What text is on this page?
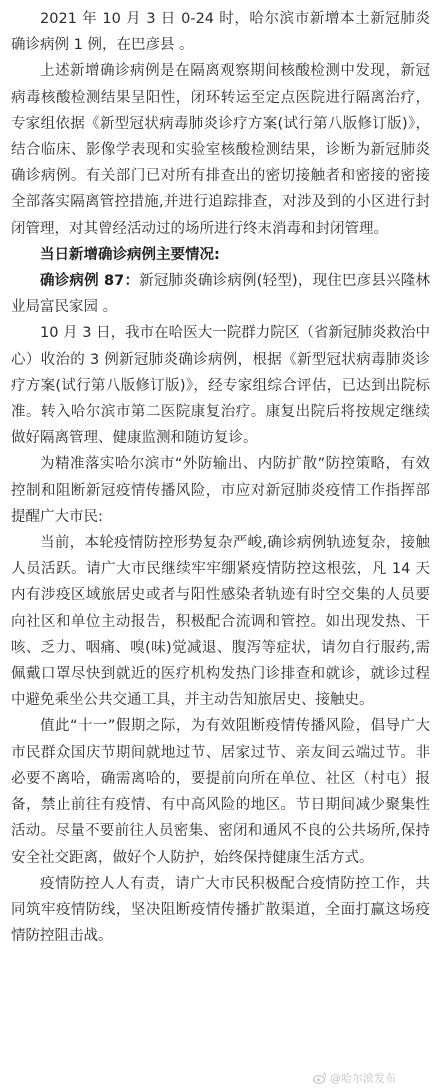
2021 年 10 月 3 日 0-24 时，哈尔滨市新增本土新冠肺炎确诊病例 1 例，在巴彦县 。

上述新增确诊病例是在隔离观察期间核酸检测中发现，新冠病毒核酸检测结果呈阳性，闭环转运至定点医院进行隔离治疗，专家组依据《新型冠状病毒肺炎诊疗方案(试行第八版修订版)》，结合临床、影像学表现和实验室核酸检测结果，诊断为新冠肺炎确诊病例。有关部门已对所有排查出的密切接触者和密接的密接全部落实隔离管控措施,并进行追踪排查，对涉及到的小区进行封闭管理，对其曾经活动过的场所进行终末消毒和封闭管理。

当日新增确诊病例主要情况:

确诊病例 87：新冠肺炎确诊病例(轻型)，现住巴彦县兴隆林业局富民家园 。

10 月 3 日，我市在哈医大一院群力院区（省新冠肺炎救治中心）收治的 3 例新冠肺炎确诊病例，根据《新型冠状病毒肺炎诊疗方案(试行第八版修订版)》，经专家组综合评估，已达到出院标准。转入哈尔滨市第二医院康复治疗。康复出院后将按规定继续做好隔离管理、健康监测和随访复诊。

为精准落实哈尔滨市“外防输出、内防扩散”防控策略，有效控制和阻断新冠疫情传播风险，市应对新冠肺炎疫情工作指挥部提醒广大市民:

当前，本轮疫情防控形势复杂严峻,确诊病例轨迹复杂，接触人员活跃。请广大市民继续牢牢绷紧疫情防控这根弦，凡 14 天内有涉疫区域旅居史或者与阳性感染者轨迹有时空交集的人员要向社区和单位主动报告，积极配合流调和管控。如出现发热、干咳、乏力、咽痛、嗅(味)觉减退、腹泻等症状，请勿自行服药,需佩戴口罩尽快到就近的医疗机构发热门诊排查和就诊，就诊过程中避免乘坐公共交通工具，并主动告知旅居史、接触史。

值此“十一”假期之际，为有效阻断疫情传播风险，倡导广大市民群众国庆节期间就地过节、居家过节、亲友间云端过节。非必要不离哈，确需离哈的，要提前向所在单位、社区（村屯）报备，禁止前往有疫情、有中高风险的地区。节日期间减少聚集性活动。尽量不要前往人员密集、密闭和通风不良的公共场所,保持安全社交距离，做好个人防护，始终保持健康生活方式。

疫情防控人人有责，请广大市民积极配合疫情防控工作，共同筑牢疫情防线，坚决阻断疫情传播扩散渠道，全面打赢这场疫情防控阻击战。

@哈尔滨发布
